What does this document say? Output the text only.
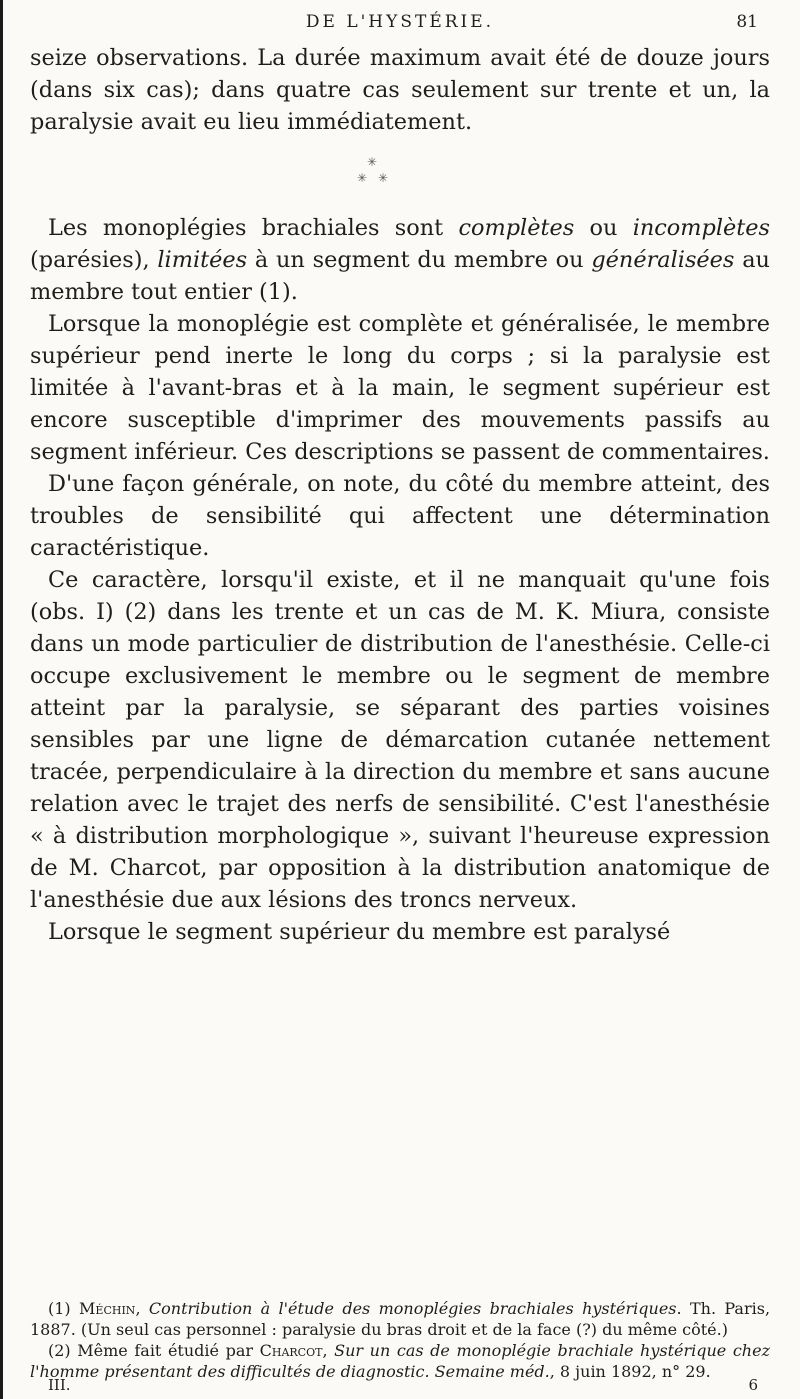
DE L'HYSTÉRIE.	81

seize observations. La durée maximum avait été de douze jours (dans six cas); dans quatre cas seulement sur trente et un, la paralysie avait eu lieu immédiatement.

✳
✳ ✳

Les monoplégies brachiales sont complètes ou incomplètes (parésies), limitées à un segment du membre ou généralisées au membre tout entier (1).

Lorsque la monoplégie est complète et généralisée, le membre supérieur pend inerte le long du corps ; si la paralysie est limitée à l'avant-bras et à la main, le segment supérieur est encore susceptible d'imprimer des mouvements passifs au segment inférieur. Ces descriptions se passent de commentaires.

D'une façon générale, on note, du côté du membre atteint, des troubles de sensibilité qui affectent une détermination caractéristique.

Ce caractère, lorsqu'il existe, et il ne manquait qu'une fois (obs. I) (2) dans les trente et un cas de M. K. Miura, consiste dans un mode particulier de distribution de l'anesthésie. Celle-ci occupe exclusivement le membre ou le segment de membre atteint par la paralysie, se séparant des parties voisines sensibles par une ligne de démarcation cutanée nettement tracée, perpendiculaire à la direction du membre et sans aucune relation avec le trajet des nerfs de sensibilité. C'est l'anesthésie « à distribution morphologique », suivant l'heureuse expression de M. Charcot, par opposition à la distribution anatomique de l'anesthésie due aux lésions des troncs nerveux.

Lorsque le segment supérieur du membre est paralysé

(1) Méchin, Contribution à l'étude des monoplégies brachiales hystériques. Th. Paris, 1887. (Un seul cas personnel : paralysie du bras droit et de la face (?) du même côté.)

(2) Même fait étudié par Charcot, Sur un cas de monoplégie brachiale hystérique chez l'homme présentant des difficultés de diagnostic. Semaine méd., 8 juin 1892, n° 29.

III.	6
